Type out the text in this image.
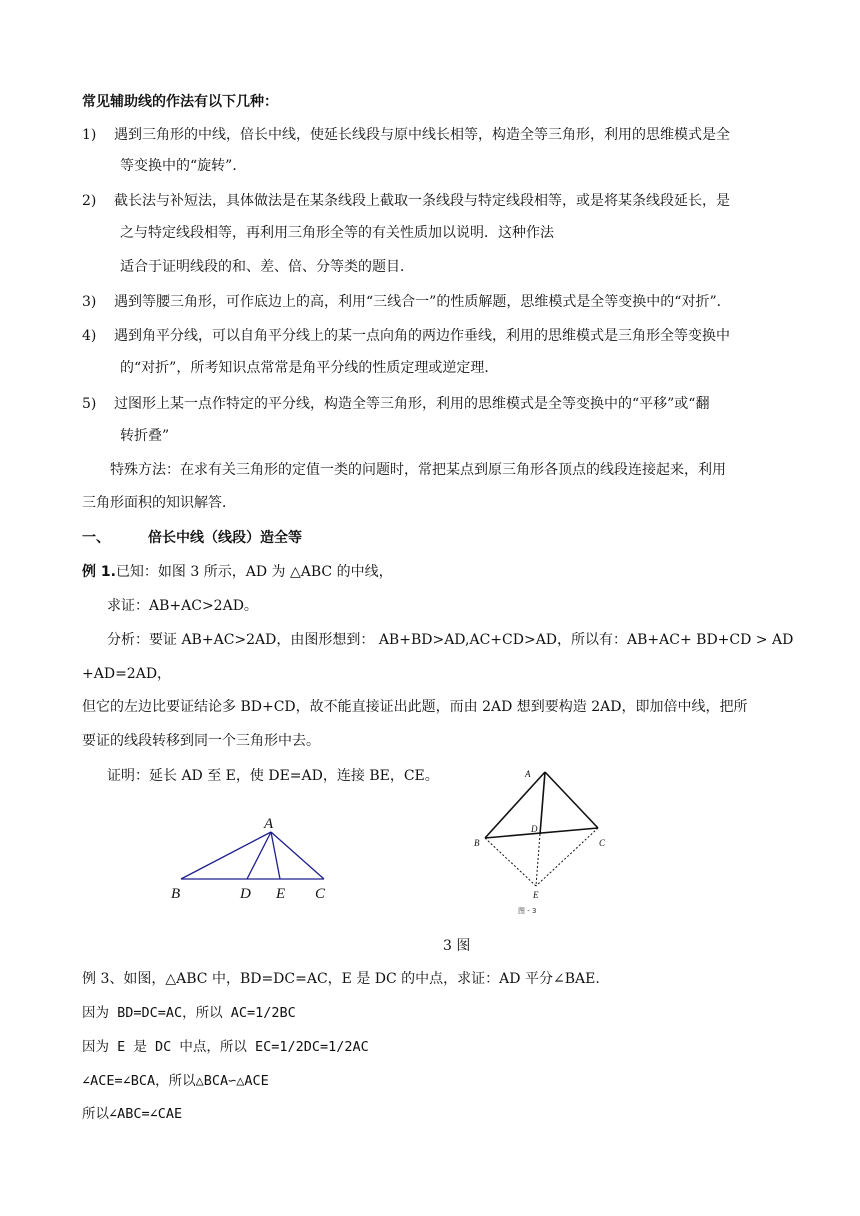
常见辅助线的作法有以下几种：
1) 遇到三角形的中线，倍长中线，使延长线段与原中线长相等，构造全等三角形，利用的思维模式是全
等变换中的“旋转”．
2) 截长法与补短法，具体做法是在某条线段上截取一条线段与特定线段相等，或是将某条线段延长，是
之与特定线段相等，再利用三角形全等的有关性质加以说明．这种作法
适合于证明线段的和、差、倍、分等类的题目．
3) 遇到等腰三角形，可作底边上的高，利用“三线合一”的性质解题，思维模式是全等变换中的“对折”．
4) 遇到角平分线，可以自角平分线上的某一点向角的两边作垂线，利用的思维模式是三角形全等变换中
的“对折”，所考知识点常常是角平分线的性质定理或逆定理．
5) 过图形上某一点作特定的平分线，构造全等三角形，利用的思维模式是全等变换中的“平移”或“翻
转折叠”
特殊方法：在求有关三角形的定值一类的问题时，常把某点到原三角形各顶点的线段连接起来，利用
三角形面积的知识解答．
一、	倍长中线（线段）造全等
例 1.已知：如图 3 所示，AD 为 △ABC 的中线，
求证：AB+AC>2AD。
分析：要证 AB+AC>2AD，由图形想到： AB+BD>AD,AC+CD>AD，所以有：AB+AC+ BD+CD > AD
+AD=2AD，
但它的左边比要证结论多 BD+CD，故不能直接证出此题，而由 2AD 想到要构造 2AD，即加倍中线，把所
要证的线段转移到同一个三角形中去。
证明：延长 AD 至 E，使 DE=AD，连接 BE，CE。
A
B	D E C
A
B	C
D
E
图 - 3
3 图
例 3、如图，△ABC 中，BD=DC=AC，E 是 DC 的中点，求证：AD 平分∠BAE.
因为 BD=DC=AC，所以 AC=1/2BC
因为 E 是 DC 中点，所以 EC=1/2DC=1/2AC
∠ACE=∠BCA，所以△BCA∽△ACE
所以∠ABC=∠CAE
